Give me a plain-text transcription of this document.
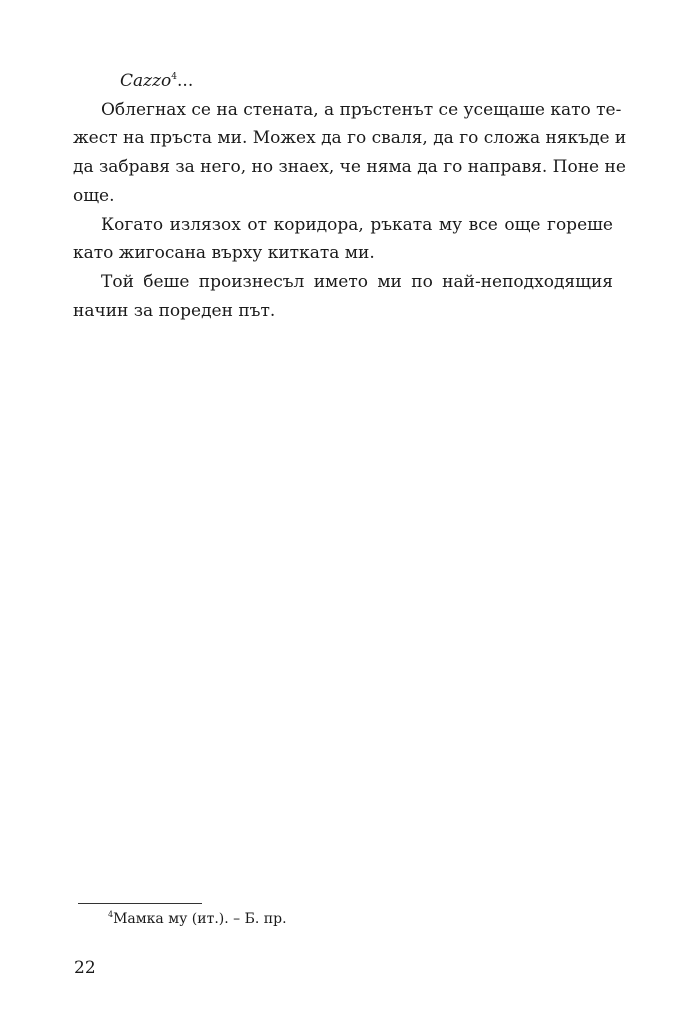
Cazzo$^4$...
Облегнах се на стената, а пръстенът се усещаше като те-
жест на пръста ми. Можех да го сваля, да го сложа някъде и
да забравя за него, но знаех, че няма да го направя. Поне не
още.
Когато излязох от коридора, ръката му все още гореше
като жигосана върху китката ми.
Той беше произнесъл името ми по най-неподходящия
начин за пореден път.
$^4$Мамка му (ит.). – Б. пр.
22
